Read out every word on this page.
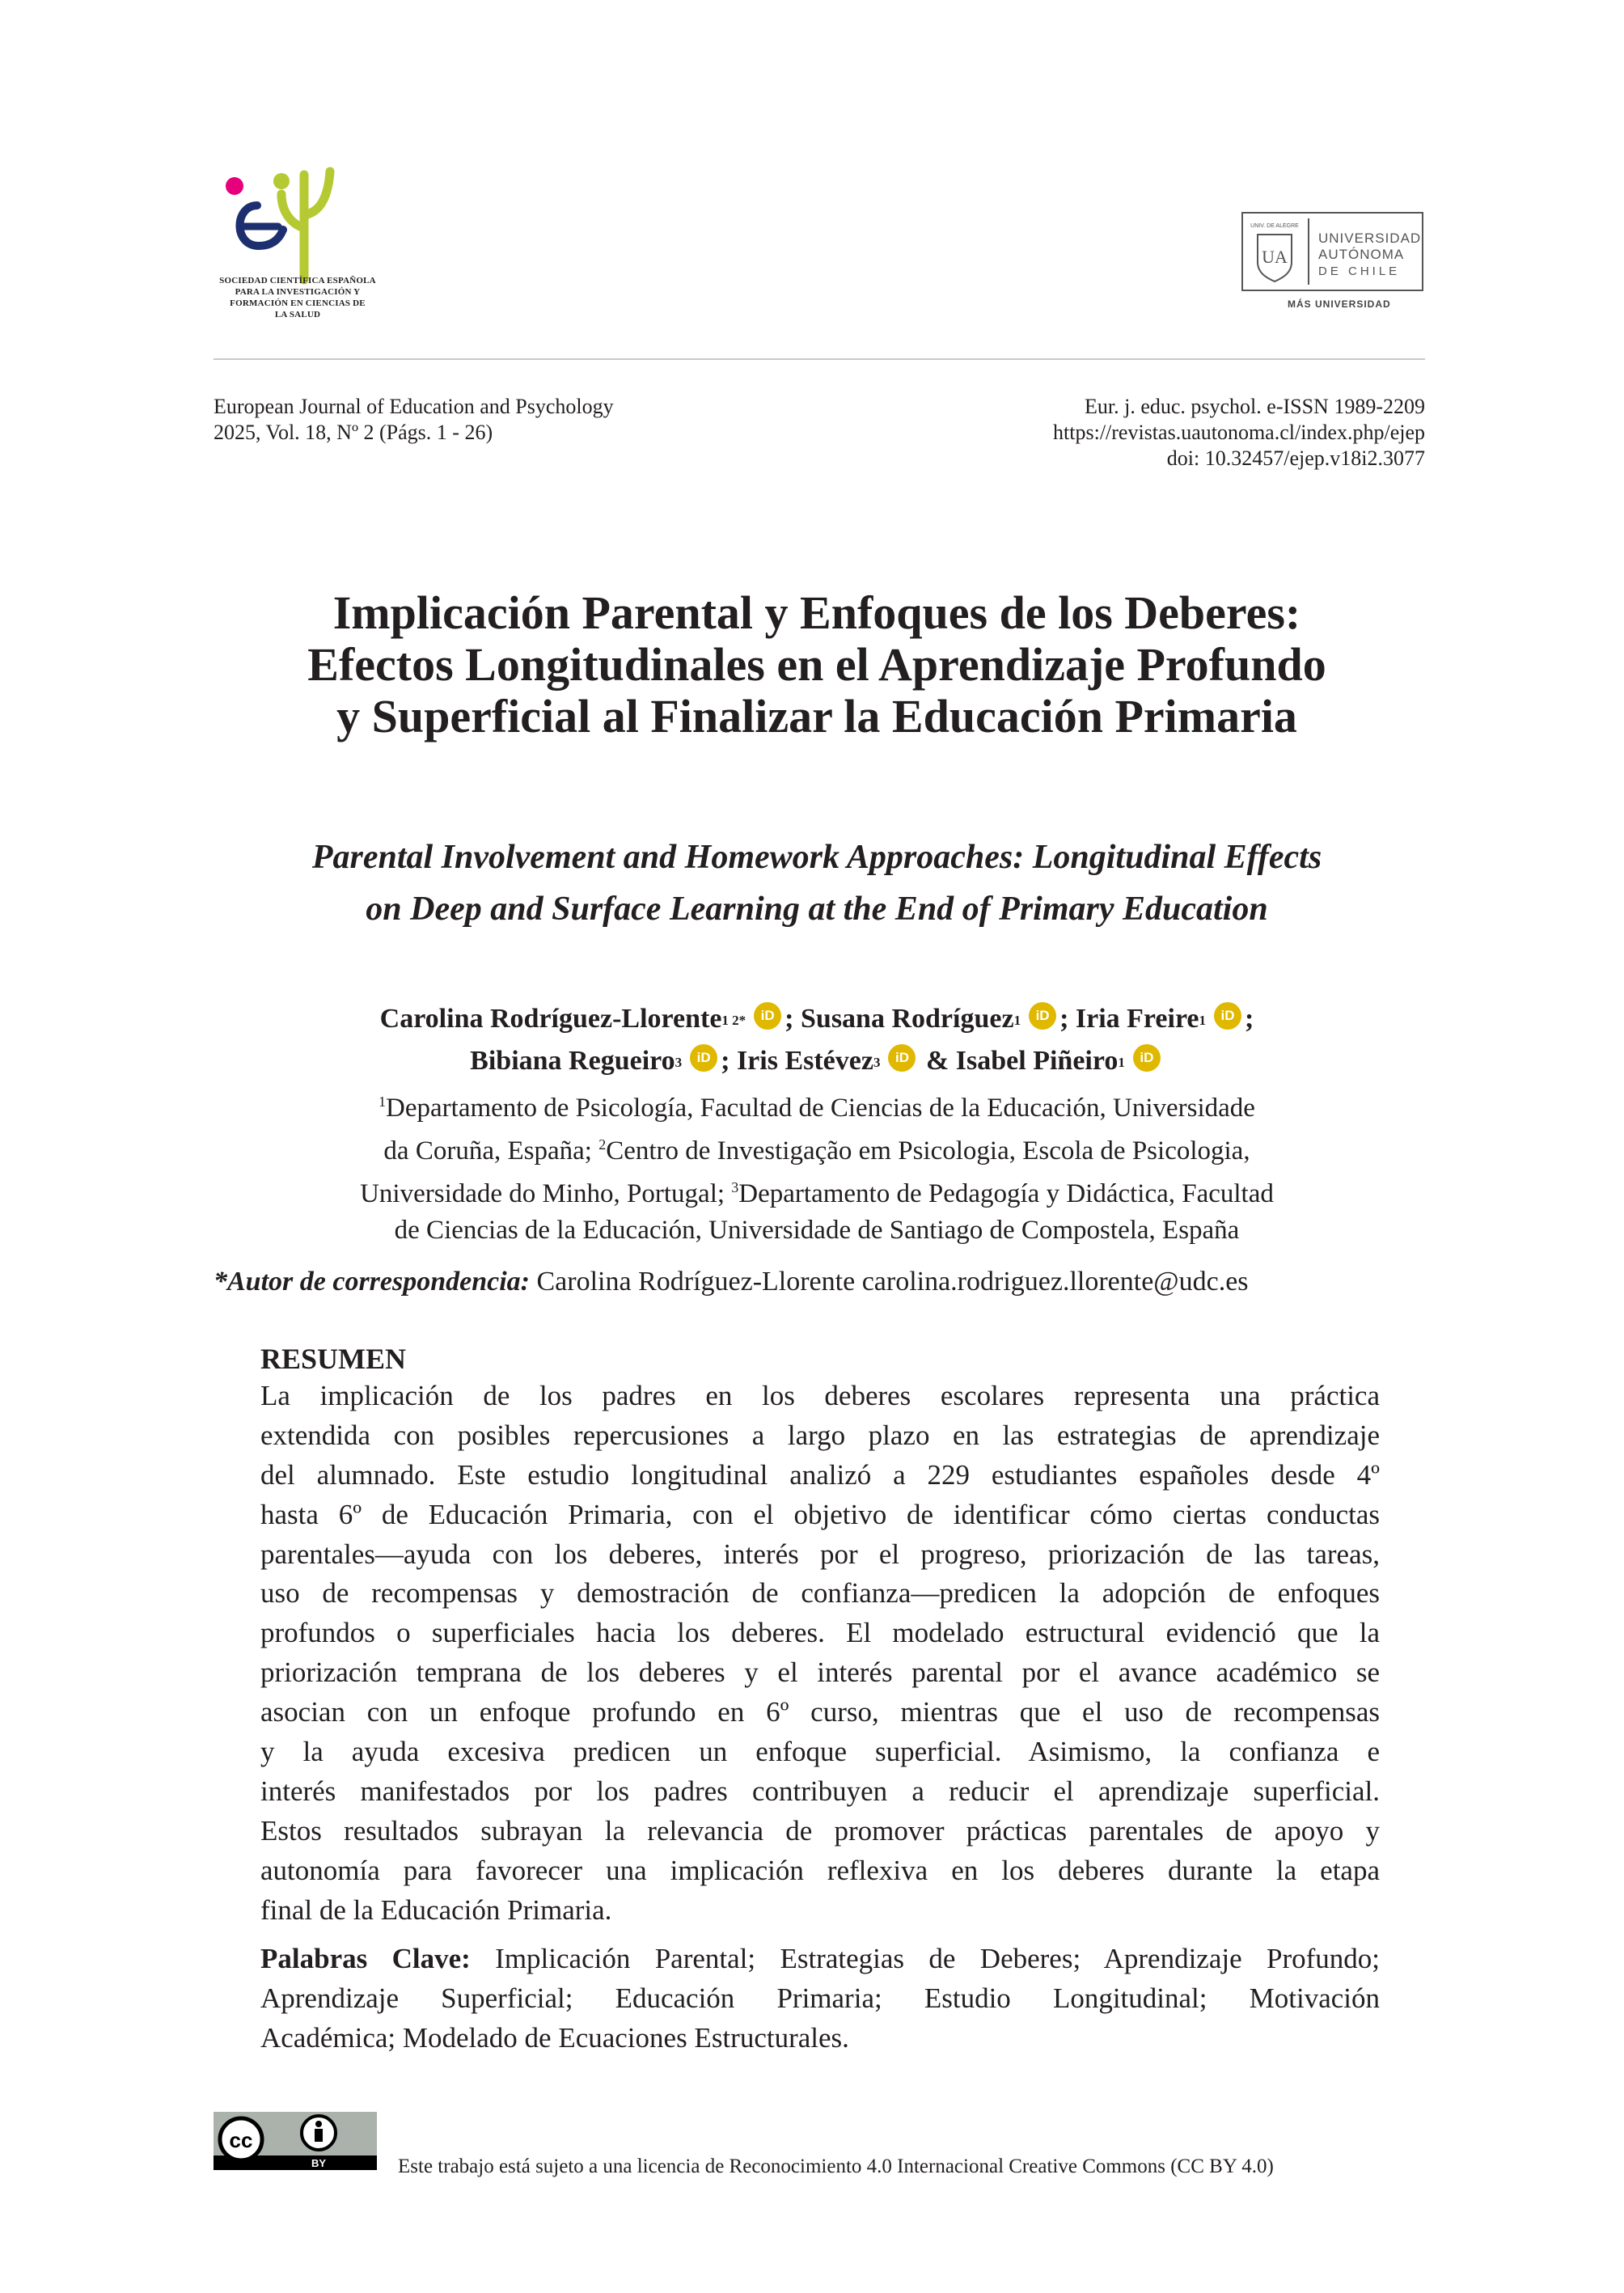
SOCIEDAD CIENTÍFICA ESPAÑOLA
PARA LA INVESTIGACIÓN Y
FORMACIÓN EN CIENCIAS DE
LA SALUD
UA
UNIV. DE ALEGRE
UNIVERSIDAD
AUTÓNOMA
DE CHILE
MÁS UNIVERSIDAD
European Journal of Education and Psychology
2025, Vol. 18, Nº 2 (Págs. 1 - 26)
Eur. j. educ. psychol. e-ISSN 1989-2209
https://revistas.uautonoma.cl/index.php/ejep
doi: 10.32457/ejep.v18i2.3077
Implicación Parental y Enfoques de los Deberes:
Efectos Longitudinales en el Aprendizaje Profundo
y Superficial al Finalizar la Educación Primaria
Parental Involvement and Homework Approaches: Longitudinal Effects
on Deep and Surface Learning at the End of Primary Education
Carolina Rodríguez-Llorente$^{1 2*}$ iD ; Susana Rodríguez$^1$ iD ; Iria Freire$^1$ iD ;
Bibiana Regueiro$^3$ iD ; Iris Estévez$^3$ iD & Isabel Piñeiro$^1$ iD
$^1$Departamento de Psicología, Facultad de Ciencias de la Educación, Universidade
da Coruña, España; $^2$Centro de Investigação em Psicologia, Escola de Psicologia,
Universidade do Minho, Portugal; $^3$Departamento de Pedagogía y Didáctica, Facultad
de Ciencias de la Educación, Universidade de Santiago de Compostela, España
*Autor de correspondencia: Carolina Rodríguez-Llorente carolina.rodriguez.llorente@udc.es
RESUMEN
La implicación de los padres en los deberes escolares representa una práctica
extendida con posibles repercusiones a largo plazo en las estrategias de aprendizaje
del alumnado. Este estudio longitudinal analizó a 229 estudiantes españoles desde 4º
hasta 6º de Educación Primaria, con el objetivo de identificar cómo ciertas conductas
parentales—ayuda con los deberes, interés por el progreso, priorización de las tareas,
uso de recompensas y demostración de confianza—predicen la adopción de enfoques
profundos o superficiales hacia los deberes. El modelado estructural evidenció que la
priorización temprana de los deberes y el interés parental por el avance académico se
asocian con un enfoque profundo en 6º curso, mientras que el uso de recompensas
y la ayuda excesiva predicen un enfoque superficial. Asimismo, la confianza e
interés manifestados por los padres contribuyen a reducir el aprendizaje superficial.
Estos resultados subrayan la relevancia de promover prácticas parentales de apoyo y
autonomía para favorecer una implicación reflexiva en los deberes durante la etapa
final de la Educación Primaria.
Palabras Clave: Implicación Parental; Estrategias de Deberes; Aprendizaje Profundo;
Aprendizaje Superficial; Educación Primaria; Estudio Longitudinal; Motivación
Académica; Modelado de Ecuaciones Estructurales.
cc
BY	Este trabajo está sujeto a una licencia de Reconocimiento 4.0 Internacional Creative Commons (CC BY 4.0)
